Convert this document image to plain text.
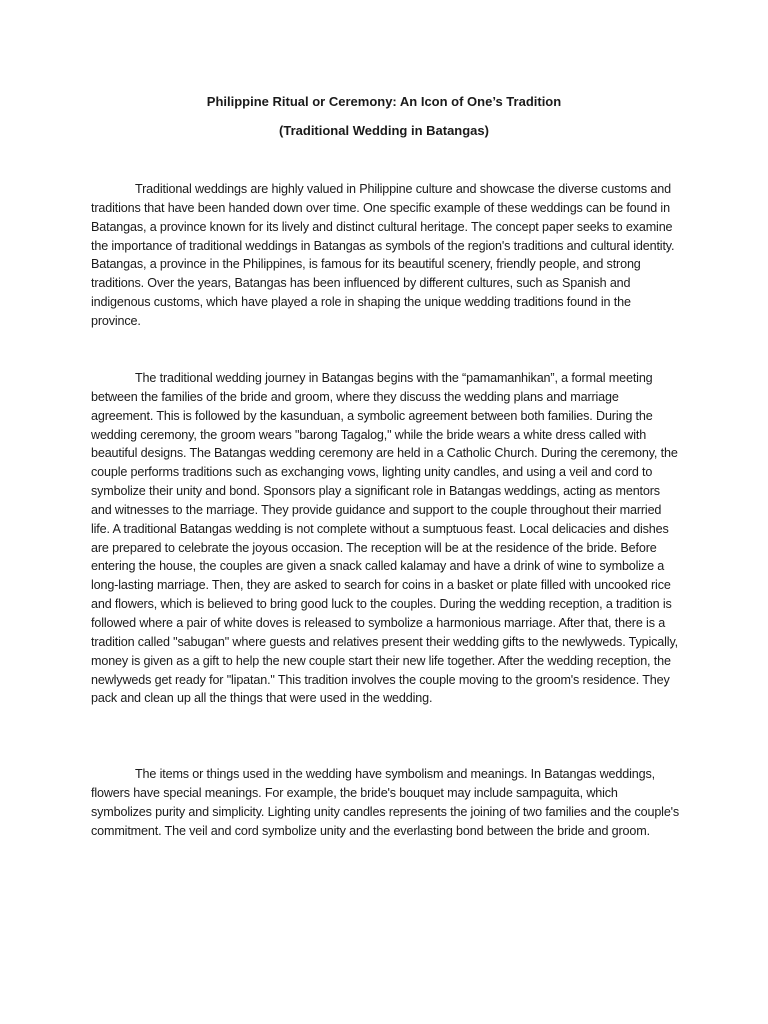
Philippine Ritual or Ceremony: An Icon of One’s Tradition

(Traditional Wedding in Batangas)

Traditional weddings are highly valued in Philippine culture and showcase the diverse customs and traditions that have been handed down over time. One specific example of these weddings can be found in Batangas, a province known for its lively and distinct cultural heritage. The concept paper seeks to examine the importance of traditional weddings in Batangas as symbols of the region's traditions and cultural identity. Batangas, a province in the Philippines, is famous for its beautiful scenery, friendly people, and strong traditions. Over the years, Batangas has been influenced by different cultures, such as Spanish and indigenous customs, which have played a role in shaping the unique wedding traditions found in the province.

The traditional wedding journey in Batangas begins with the “pamamanhikan”, a formal meeting between the families of the bride and groom, where they discuss the wedding plans and marriage agreement. This is followed by the kasunduan, a symbolic agreement between both families. During the wedding ceremony, the groom wears "barong Tagalog," while the bride wears a white dress called with beautiful designs. The Batangas wedding ceremony are held in a Catholic Church. During the ceremony, the couple performs traditions such as exchanging vows, lighting unity candles, and using a veil and cord to symbolize their unity and bond. Sponsors play a significant role in Batangas weddings, acting as mentors and witnesses to the marriage. They provide guidance and support to the couple throughout their married life. A traditional Batangas wedding is not complete without a sumptuous feast. Local delicacies and dishes are prepared to celebrate the joyous occasion. The reception will be at the residence of the bride. Before entering the house, the couples are given a snack called kalamay and have a drink of wine to symbolize a long-lasting marriage. Then, they are asked to search for coins in a basket or plate filled with uncooked rice and flowers, which is believed to bring good luck to the couples. During the wedding reception, a tradition is followed where a pair of white doves is released to symbolize a harmonious marriage. After that, there is a tradition called "sabugan" where guests and relatives present their wedding gifts to the newlyweds. Typically, money is given as a gift to help the new couple start their new life together. After the wedding reception, the newlyweds get ready for "lipatan." This tradition involves the couple moving to the groom's residence. They pack and clean up all the things that were used in the wedding.

The items or things used in the wedding have symbolism and meanings. In Batangas weddings, flowers have special meanings. For example, the bride's bouquet may include sampaguita, which symbolizes purity and simplicity. Lighting unity candles represents the joining of two families and the couple's commitment. The veil and cord symbolize unity and the everlasting bond between the bride and groom.
